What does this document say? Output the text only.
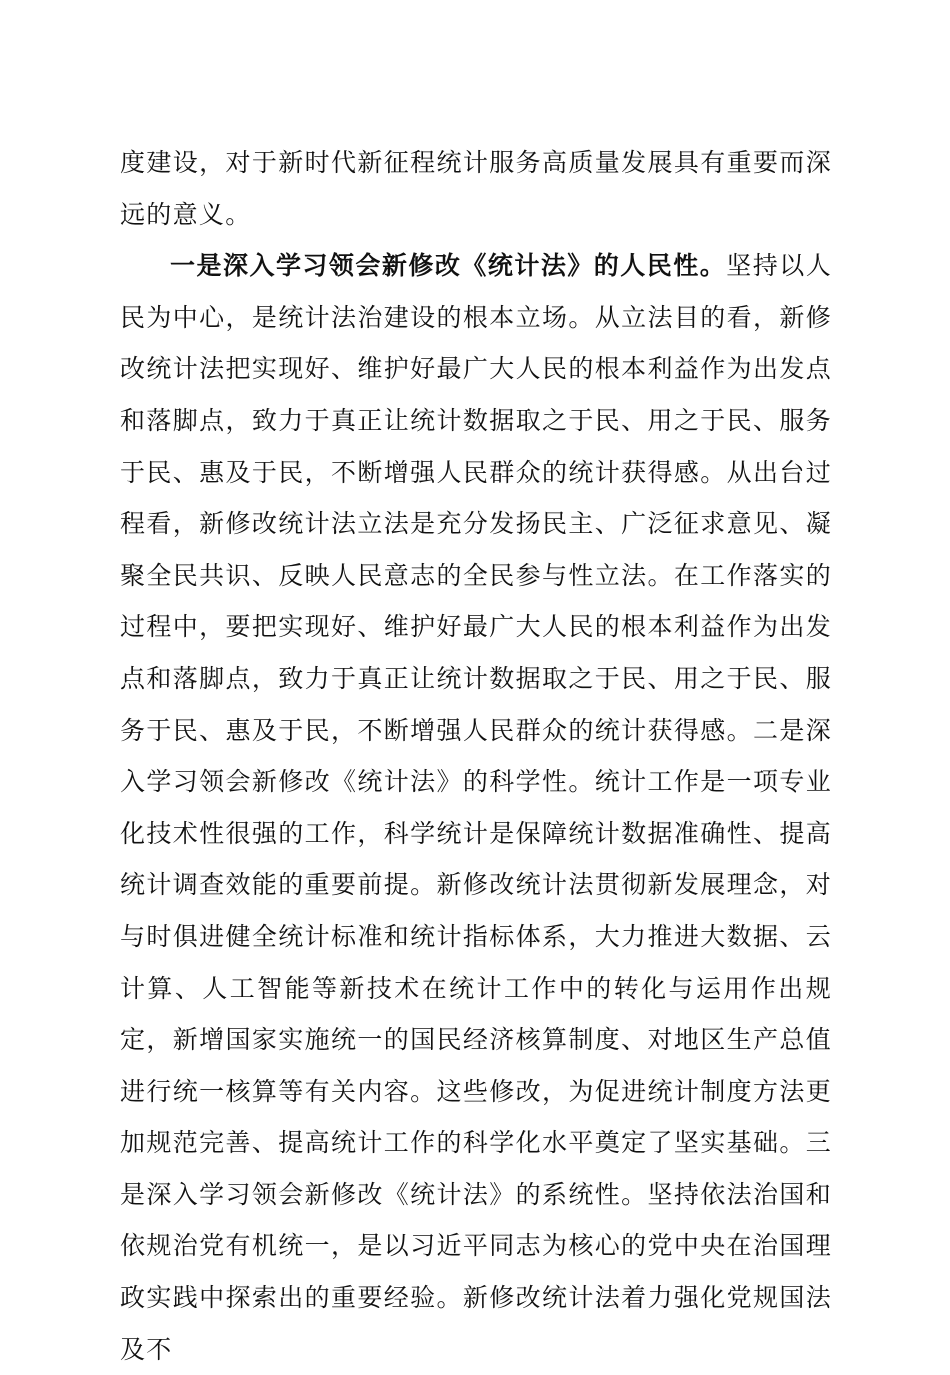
度建设，对于新时代新征程统计服务高质量发展具有重要而深远的意义。

一是深入学习领会新修改《统计法》的人民性。坚持以人民为中心，是统计法治建设的根本立场。从立法目的看，新修改统计法把实现好、维护好最广大人民的根本利益作为出发点和落脚点，致力于真正让统计数据取之于民、用之于民、服务于民、惠及于民，不断增强人民群众的统计获得感。从出台过程看，新修改统计法立法是充分发扬民主、广泛征求意见、凝聚全民共识、反映人民意志的全民参与性立法。在工作落实的过程中，要把实现好、维护好最广大人民的根本利益作为出发点和落脚点，致力于真正让统计数据取之于民、用之于民、服务于民、惠及于民，不断增强人民群众的统计获得感。二是深入学习领会新修改《统计法》的科学性。统计工作是一项专业化技术性很强的工作，科学统计是保障统计数据准确性、提高统计调查效能的重要前提。新修改统计法贯彻新发展理念，对与时俱进健全统计标准和统计指标体系，大力推进大数据、云计算、人工智能等新技术在统计工作中的转化与运用作出规定，新增国家实施统一的国民经济核算制度、对地区生产总值进行统一核算等有关内容。这些修改，为促进统计制度方法更加规范完善、提高统计工作的科学化水平奠定了坚实基础。三是深入学习领会新修改《统计法》的系统性。坚持依法治国和依规治党有机统一，是以习近平同志为核心的党中央在治国理政实践中探索出的重要经验。新修改统计法着力强化党规国法及不
